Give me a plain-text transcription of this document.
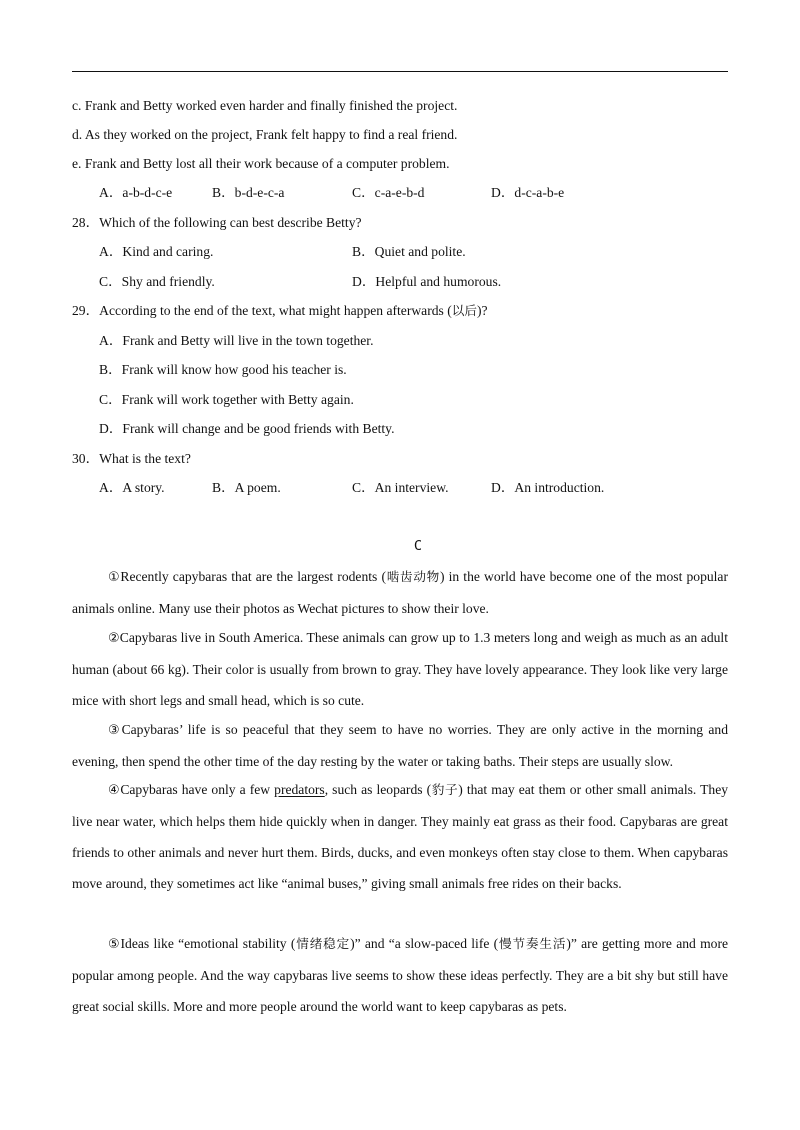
c. Frank and Betty worked even harder and finally finished the project.
d. As they worked on the project, Frank felt happy to find a real friend.
e. Frank and Betty lost all their work because of a computer problem.
A．a-b-d-c-e	B．b-d-e-c-a	C．c-a-e-b-d	D．d-c-a-b-e
28．Which of the following can best describe Betty?
A．Kind and caring.	B．Quiet and polite.
C．Shy and friendly.	D．Helpful and humorous.
29．According to the end of the text, what might happen afterwards (以后)?
A．Frank and Betty will live in the town together.
B．Frank will know how good his teacher is.
C．Frank will work together with Betty again.
D．Frank will change and be good friends with Betty.
30．What is the text?
A．A story.	B．A poem.	C．An interview.	D．An introduction.
C
①Recently capybaras that are the largest rodents (啮齿动物) in the world have become one of the most popular animals online. Many use their photos as Wechat pictures to show their love.
②Capybaras live in South America. These animals can grow up to 1.3 meters long and weigh as much as an adult human (about 66 kg). Their color is usually from brown to gray. They have lovely appearance. They look like very large mice with short legs and small head, which is so cute.
③Capybaras’ life is so peaceful that they seem to have no worries. They are only active in the morning and evening, then spend the other time of the day resting by the water or taking baths. Their steps are usually slow.
④Capybaras have only a few predators, such as leopards (豹子) that may eat them or other small animals. They live near water, which helps them hide quickly when in danger. They mainly eat grass as their food. Capybaras are great friends to other animals and never hurt them. Birds, ducks, and even monkeys often stay close to them. When capybaras move around, they sometimes act like “animal buses,” giving small animals free rides on their backs.
⑤Ideas like “emotional stability (情绪稳定)” and “a slow-paced life (慢节奏生活)” are getting more and more popular among people. And the way capybaras live seems to show these ideas perfectly. They are a bit shy but still have great social skills. More and more people around the world want to keep capybaras as pets.
